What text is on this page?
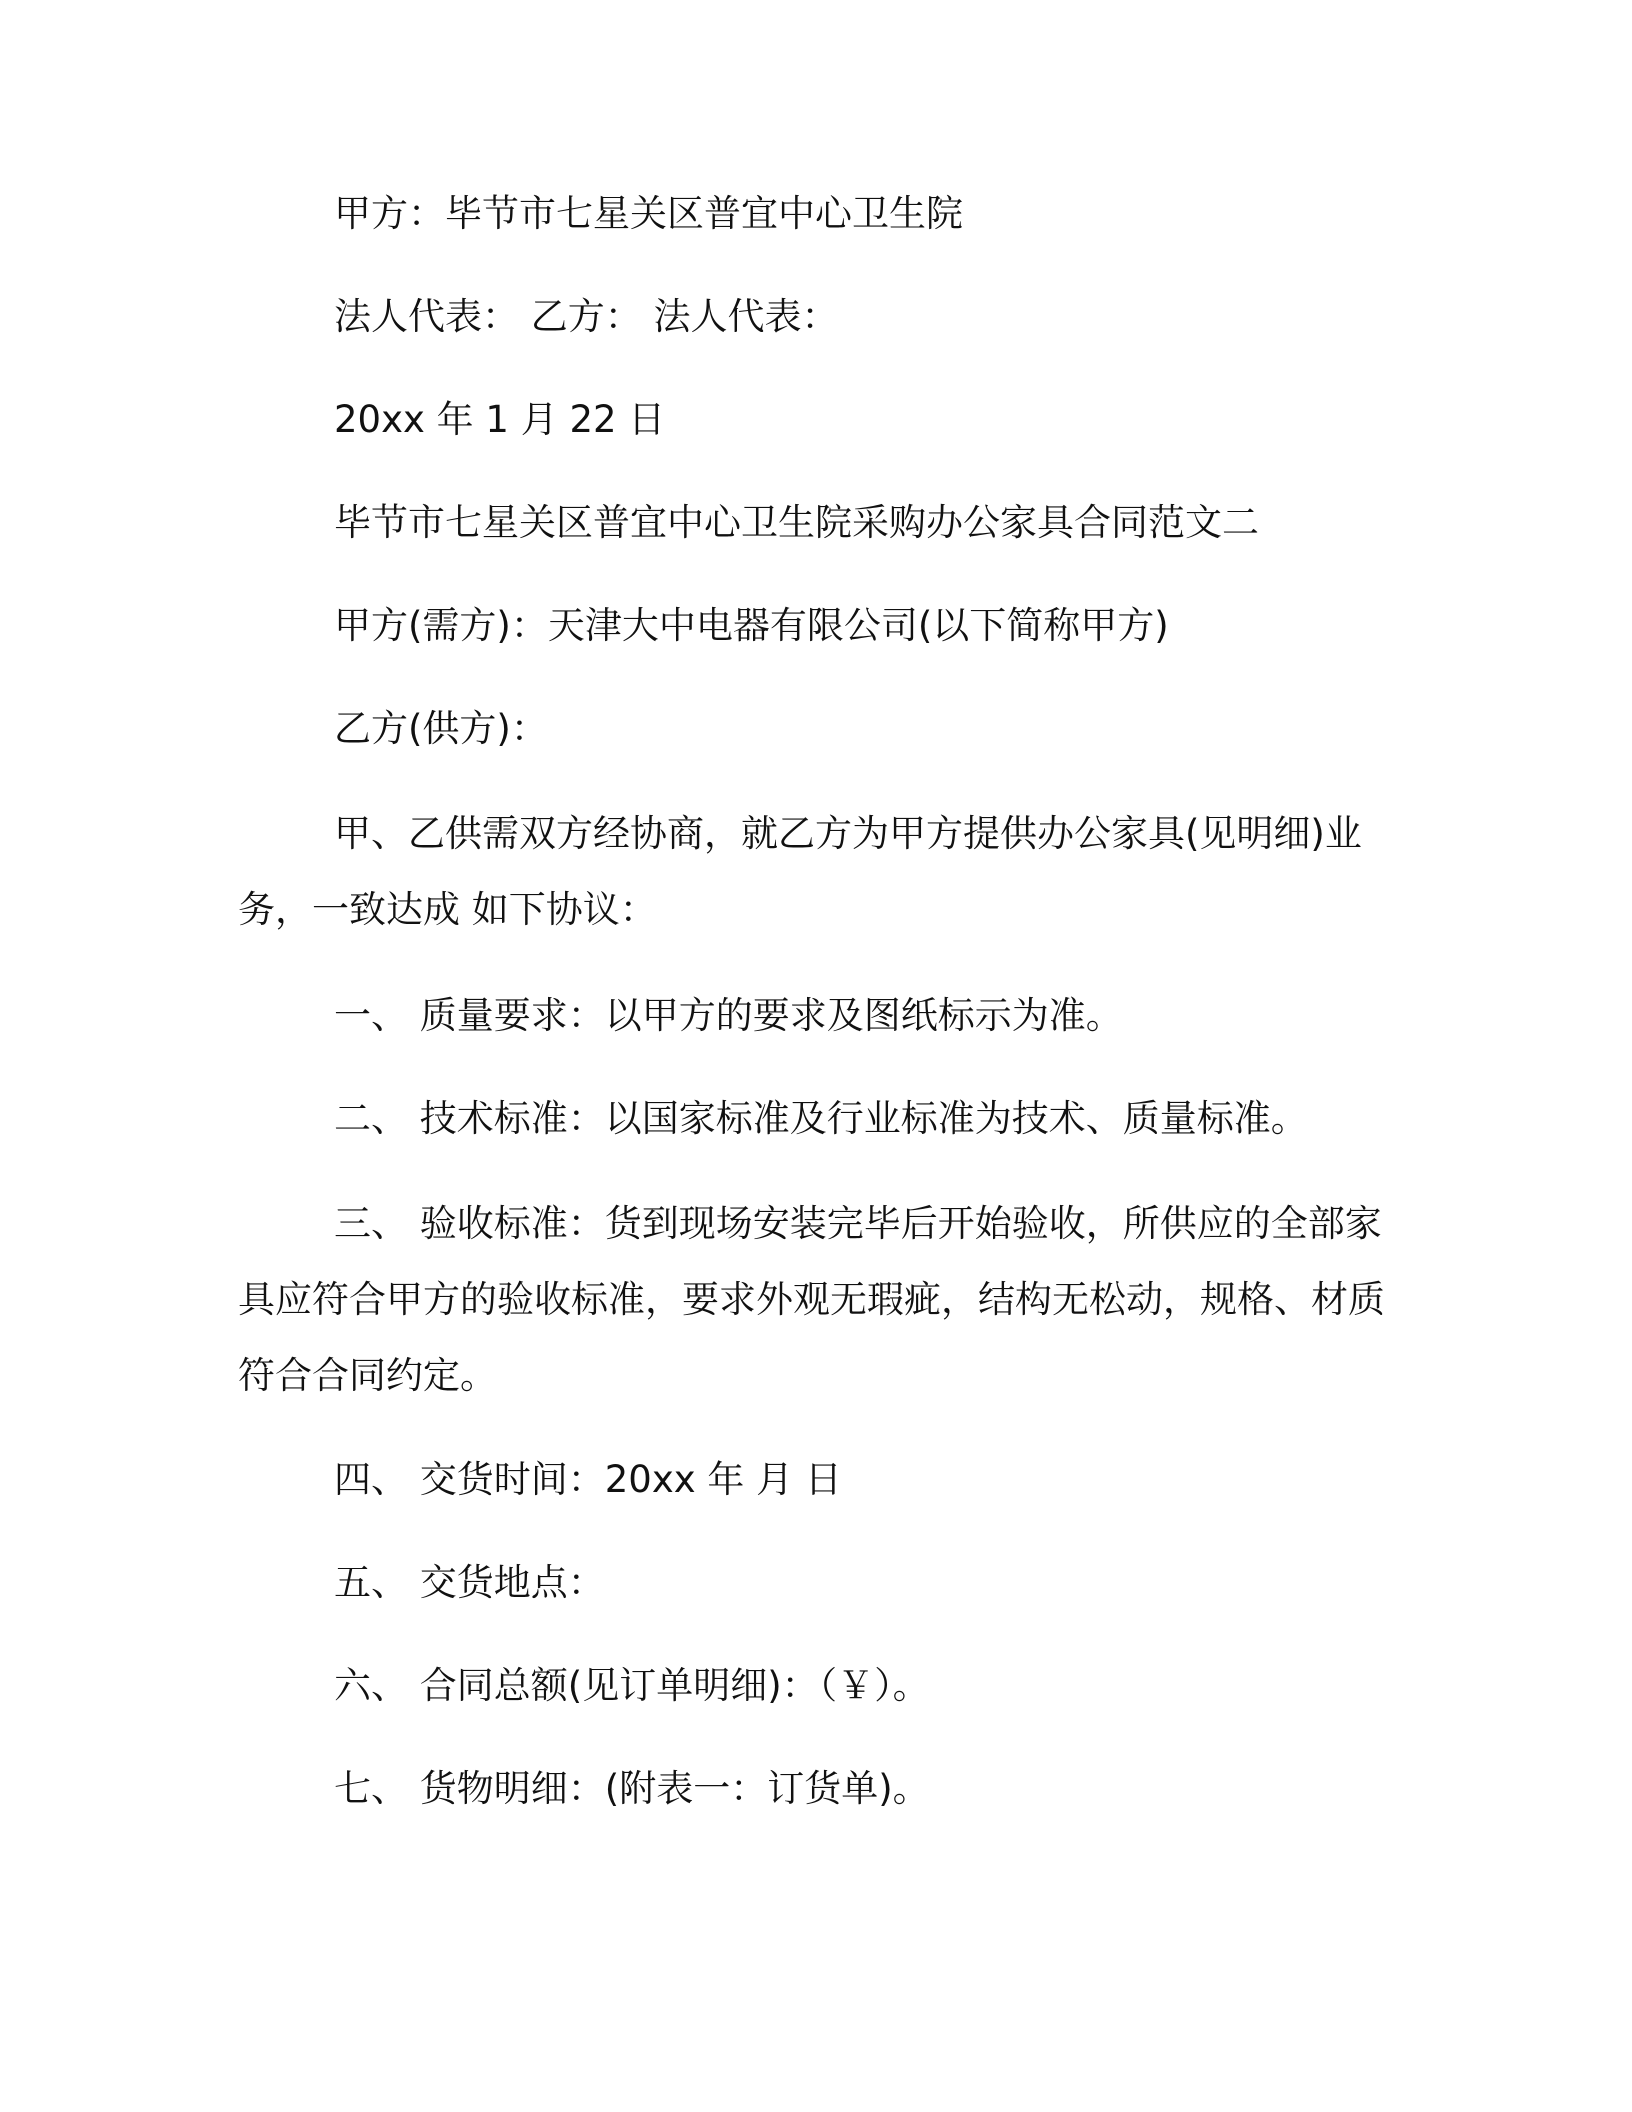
甲方：毕节市七星关区普宜中心卫生院

法人代表： 乙方： 法人代表：

20xx 年 1 月 22 日

毕节市七星关区普宜中心卫生院采购办公家具合同范文二

甲方(需方)：天津大中电器有限公司(以下简称甲方)

乙方(供方)：

甲、乙供需双方经协商，就乙方为甲方提供办公家具(见明细)业务，一致达成 如下协议：

一、 质量要求：以甲方的要求及图纸标示为准。

二、 技术标准：以国家标准及行业标准为技术、质量标准。

三、 验收标准：货到现场安装完毕后开始验收，所供应的全部家具应符合甲方的验收标准，要求外观无瑕疵，结构无松动，规格、材质符合合同约定。

四、 交货时间：20xx 年 月 日

五、 交货地点：

六、 合同总额(见订单明细)：（￥）。

七、 货物明细：(附表一：订货单)。
